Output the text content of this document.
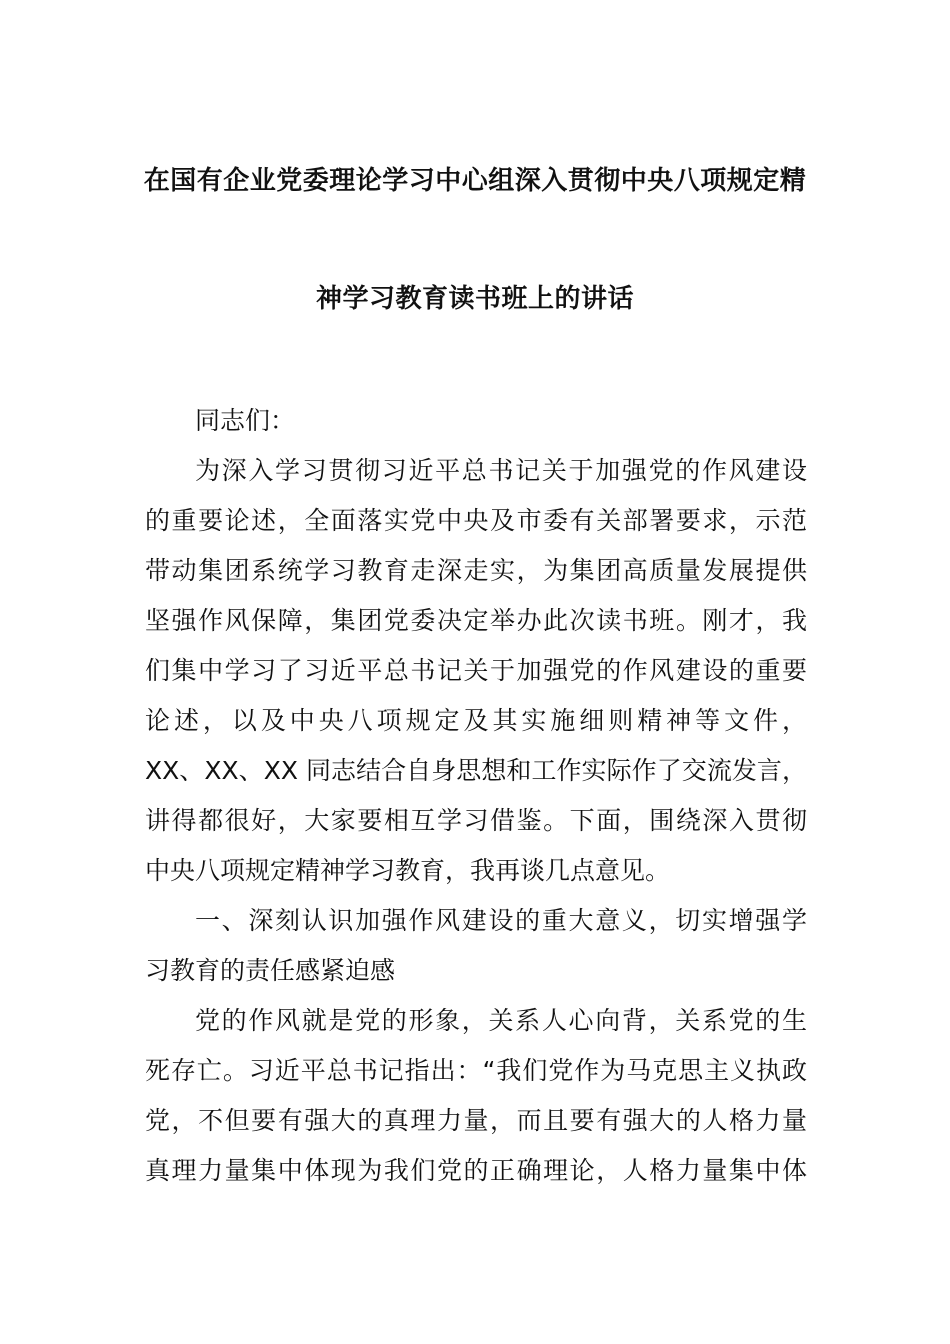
在国有企业党委理论学习中心组深入贯彻中央八项规定精
神学习教育读书班上的讲话
同志们：
为深入学习贯彻习近平总书记关于加强党的作风建设
的重要论述，全面落实党中央及市委有关部署要求，示范
带动集团系统学习教育走深走实，为集团高质量发展提供
坚强作风保障，集团党委决定举办此次读书班。刚才，我
们集中学习了习近平总书记关于加强党的作风建设的重要
论述，以及中央八项规定及其实施细则精神等文件，
XX、XX、XX 同志结合自身思想和工作实际作了交流发言，
讲得都很好，大家要相互学习借鉴。下面，围绕深入贯彻
中央八项规定精神学习教育，我再谈几点意见。
一、深刻认识加强作风建设的重大意义，切实增强学
习教育的责任感紧迫感
党的作风就是党的形象，关系人心向背，关系党的生
死存亡。习近平总书记指出：“我们党作为马克思主义执政
党，不但要有强大的真理力量，而且要有强大的人格力量
真理力量集中体现为我们党的正确理论，人格力量集中体
